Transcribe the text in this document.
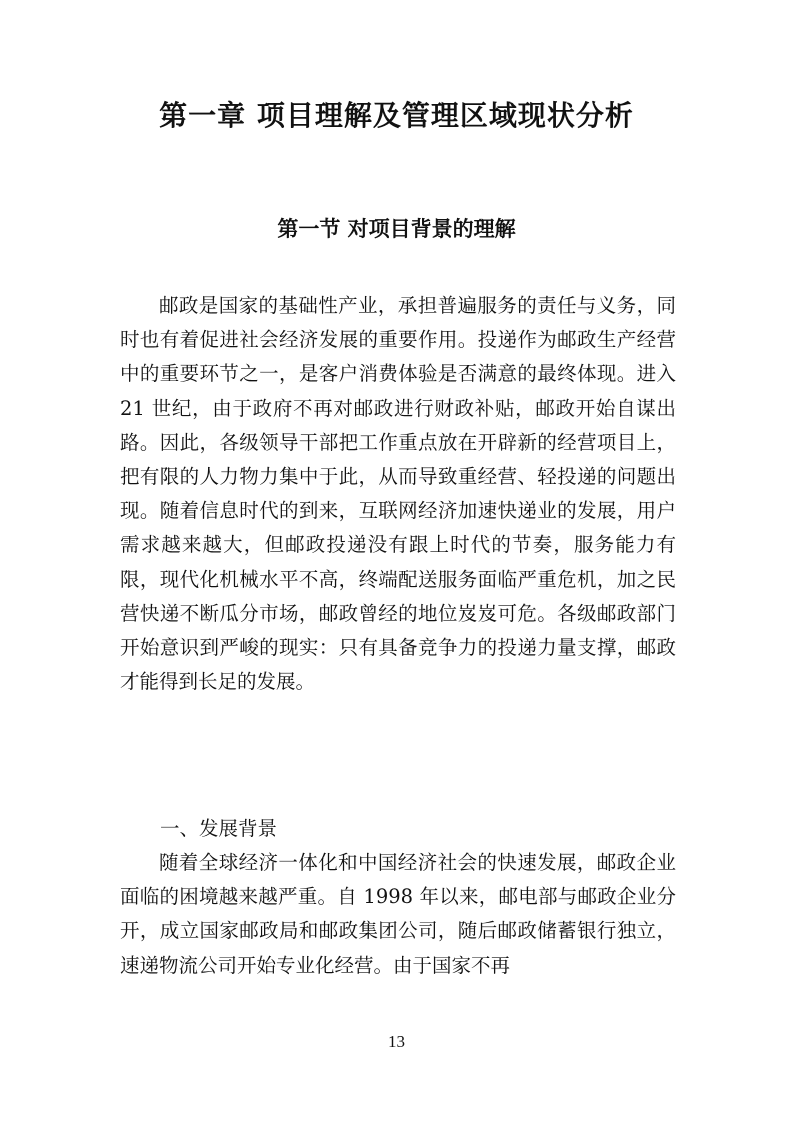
第一章 项目理解及管理区域现状分析
第一节 对项目背景的理解

邮政是国家的基础性产业，承担普遍服务的责任与义务，同时也有着促进社会经济发展的重要作用。投递作为邮政生产经营中的重要环节之一，是客户消费体验是否满意的最终体现。进入 21 世纪，由于政府不再对邮政进行财政补贴，邮政开始自谋出路。因此，各级领导干部把工作重点放在开辟新的经营项目上，把有限的人力物力集中于此，从而导致重经营、轻投递的问题出现。随着信息时代的到来，互联网经济加速快递业的发展，用户需求越来越大，但邮政投递没有跟上时代的节奏，服务能力有限，现代化机械水平不高，终端配送服务面临严重危机，加之民营快递不断瓜分市场，邮政曾经的地位岌岌可危。各级邮政部门开始意识到严峻的现实：只有具备竞争力的投递力量支撑，邮政才能得到长足的发展。

一、发展背景

随着全球经济一体化和中国经济社会的快速发展，邮政企业面临的困境越来越严重。自 1998 年以来，邮电部与邮政企业分开，成立国家邮政局和邮政集团公司，随后邮政储蓄银行独立，速递物流公司开始专业化经营。由于国家不再

13
